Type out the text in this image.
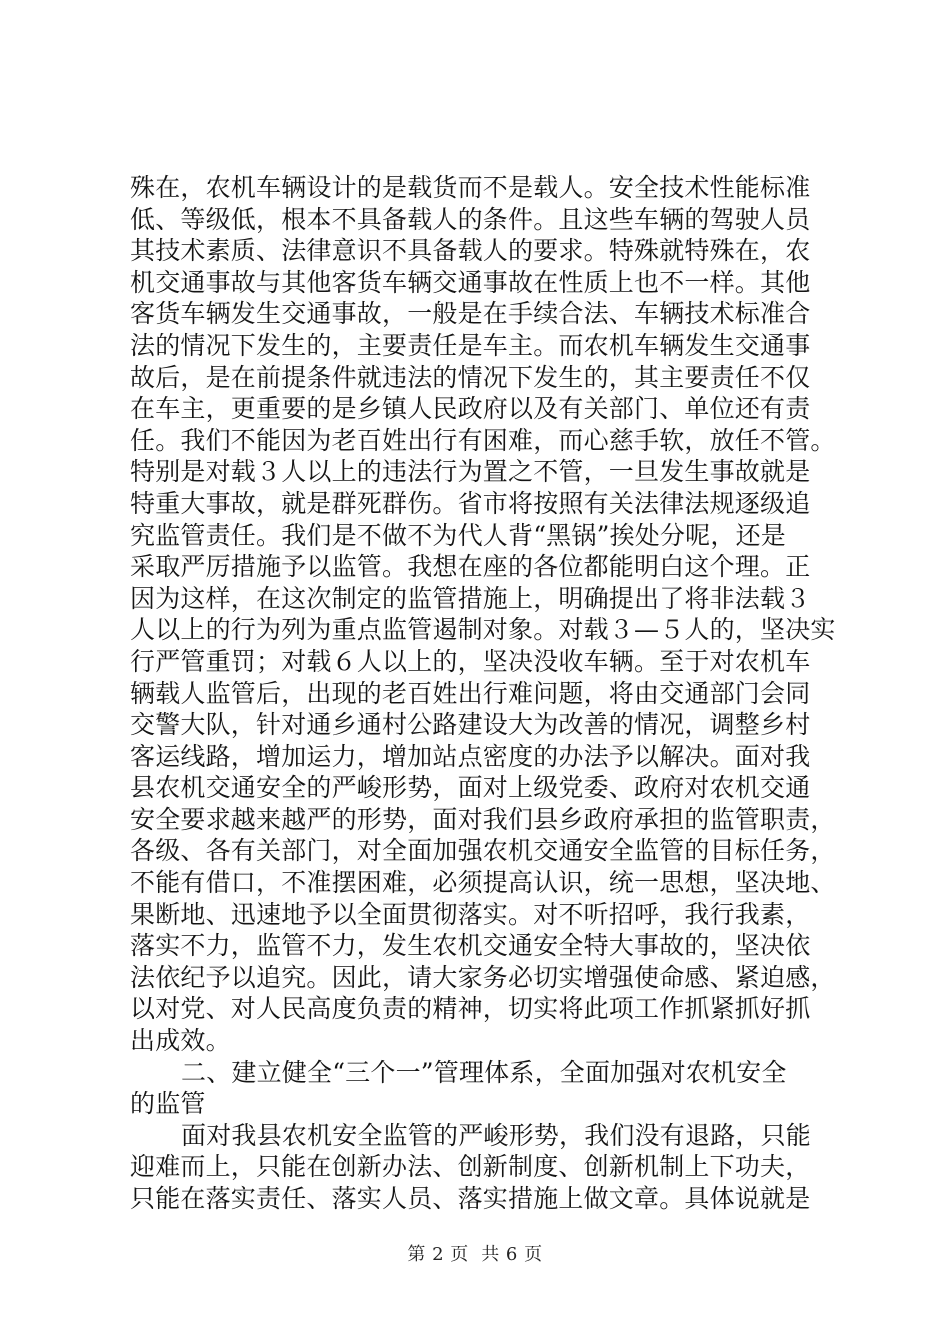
殊在，农机车辆设计的是载货而不是载人。安全技术性能标准
低、等级低，根本不具备载人的条件。且这些车辆的驾驶人员
其技术素质、法律意识不具备载人的要求。特殊就特殊在，农
机交通事故与其他客货车辆交通事故在性质上也不一样。其他
客货车辆发生交通事故，一般是在手续合法、车辆技术标准合
法的情况下发生的，主要责任是车主。而农机车辆发生交通事
故后，是在前提条件就违法的情况下发生的，其主要责任不仅
在车主，更重要的是乡镇人民政府以及有关部门、单位还有责
任。我们不能因为老百姓出行有困难，而心慈手软，放任不管。
特别是对载３人以上的违法行为置之不管，一旦发生事故就是
特重大事故，就是群死群伤。省市将按照有关法律法规逐级追
究监管责任。我们是不做不为代人背“黑锅”挨处分呢，还是
采取严厉措施予以监管。我想在座的各位都能明白这个理。正
因为这样，在这次制定的监管措施上，明确提出了将非法载３
人以上的行为列为重点监管遏制对象。对载３—５人的，坚决实
行严管重罚；对载６人以上的，坚决没收车辆。至于对农机车
辆载人监管后，出现的老百姓出行难问题，将由交通部门会同
交警大队，针对通乡通村公路建设大为改善的情况，调整乡村
客运线路，增加运力，增加站点密度的办法予以解决。面对我
县农机交通安全的严峻形势，面对上级党委、政府对农机交通
安全要求越来越严的形势，面对我们县乡政府承担的监管职责，
各级、各有关部门，对全面加强农机交通安全监管的目标任务，
不能有借口，不准摆困难，必须提高认识，统一思想，坚决地、
果断地、迅速地予以全面贯彻落实。对不听招呼，我行我素，
落实不力，监管不力，发生农机交通安全特大事故的，坚决依
法依纪予以追究。因此，请大家务必切实增强使命感、紧迫感，
以对党、对人民高度负责的精神，切实将此项工作抓紧抓好抓
出成效。
二、建立健全“三个一”管理体系，全面加强对农机安全
的监管
面对我县农机安全监管的严峻形势，我们没有退路，只能
迎难而上，只能在创新办法、创新制度、创新机制上下功夫，
只能在落实责任、落实人员、落实措施上做文章。具体说就是
第 2 页  共 6 页
